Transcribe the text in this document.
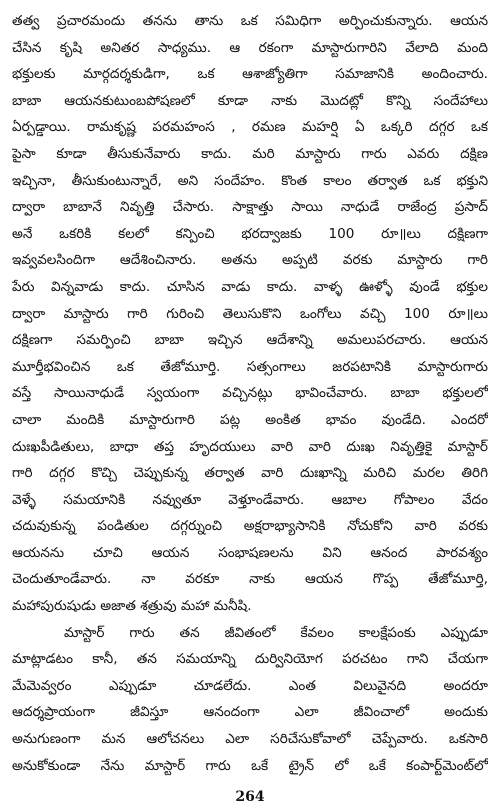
తత్వ ప్రచారమందు తనను తాను ఒక సమిధిగా అర్పించుకున్నారు. ఆయన
చేసిన కృషి అనితర సాధ్యము. ఆ రకంగా మాస్టారుగారిని వేలాది మంది
భక్తులకు మార్గదర్శకుడిగా, ఒక ఆశాజ్యోతిగా సమాజానికి అందించారు.
బాబా ఆయనకుటుంబపోషణలో కూడా నాకు మొదట్లో కొన్ని సందేహాలు
ఏర్పడ్డాయి. రామకృష్ణ పరమహంస , రమణ మహర్షి ఏ ఒక్కరి దగ్గర ఒక
పైసా కూడా తీసుకునేవారు కాదు. మరి మాస్టారు గారు ఎవరు దక్షిణ
ఇచ్చినా, తీసుకుంటున్నారే, అని సందేహం. కొంత కాలం తర్వాత ఒక భక్తుని
ద్వారా బాబానే నివృత్తి చేసారు. సాక్షాత్తు సాయి నాధుడే రాజేంద్ర ప్రసాద్
అనే ఒకరికి కలలో కన్పించి భరద్వాజకు 100 రూ॥లు దక్షిణగా
ఇవ్వవలసిందిగా ఆదేశించినారు. అతను అప్పటి వరకు మాస్టారు గారి
పేరు విన్నవాడు కాదు. చూసిన వాడు కాదు. వాళ్ళ ఊళ్ళో వుండే భక్తుల
ద్వారా మాస్టారు గారి గురించి తెలుసుకొని ఒంగోలు వచ్చి 100 రూ॥లు
దక్షిణగా సమర్పించి బాబా ఇచ్చిన ఆదేశాన్ని అమలుపరచారు. ఆయన
మూర్తీభవించిన ఒక తేజోమూర్తి. సత్సంగాలు జరపటానికి మాస్టారుగారు
వస్తే సాయినాధుడే స్వయంగా వచ్చినట్లు భావించేవారు. బాబా భక్తులలో
చాలా మందికి మాస్టారుగారి పట్ల అంకిత భావం వుండేది. ఎందరో
దుఃఖపీడితులు, బాధా తప్త హృదయులు వారి వారి దుఃఖ నివృత్తికై మాస్టార్
గారి దగ్గర కొచ్చి చెప్పుకున్న తర్వాత వారి దుఃఖాన్ని మరిచి మరల తిరిగి
వెళ్ళే సమయానికి నవ్వుతూ వెళ్తూండేవారు. ఆబాల గోపాలం వేదం
చదువుకున్న పండితుల దగ్గర్నుంచి అక్షరాభ్యాసానికి నోచుకోని వారి వరకు
ఆయనను చూచి ఆయన సంభాషణలను విని ఆనంద పారవశ్యం
చెందుతూండేవారు. నా వరకూ నాకు ఆయన గొప్ప తేజోమూర్తి,
మహాపురుషుడు అజాత శత్రువు మహా మనీషి.
మాస్టార్ గారు తన జీవితంలో కేవలం కాలక్షేపంకు ఎప్పుడూ
మాట్లాడటం కానీ, తన సమయాన్ని దుర్వినియోగ పరచటం గాని చేయగా
మేమెవ్వరం ఎప్పుడూ చూడలేదు. ఎంత విలువైనది అందరూ
ఆదర్శప్రాయంగా జీవిస్తూ ఆనందంగా ఎలా జీవించాలో అందుకు
అనుగుణంగా మన ఆలోచనలు ఎలా సరిచేసుకోవాలో చెప్పేవారు. ఒకసారి
అనుకోకుండా నేను మాస్టార్ గారు ఒకే ట్రైన్ లో ఒకే కంపార్ట్‌మెంట్‌లో
264
